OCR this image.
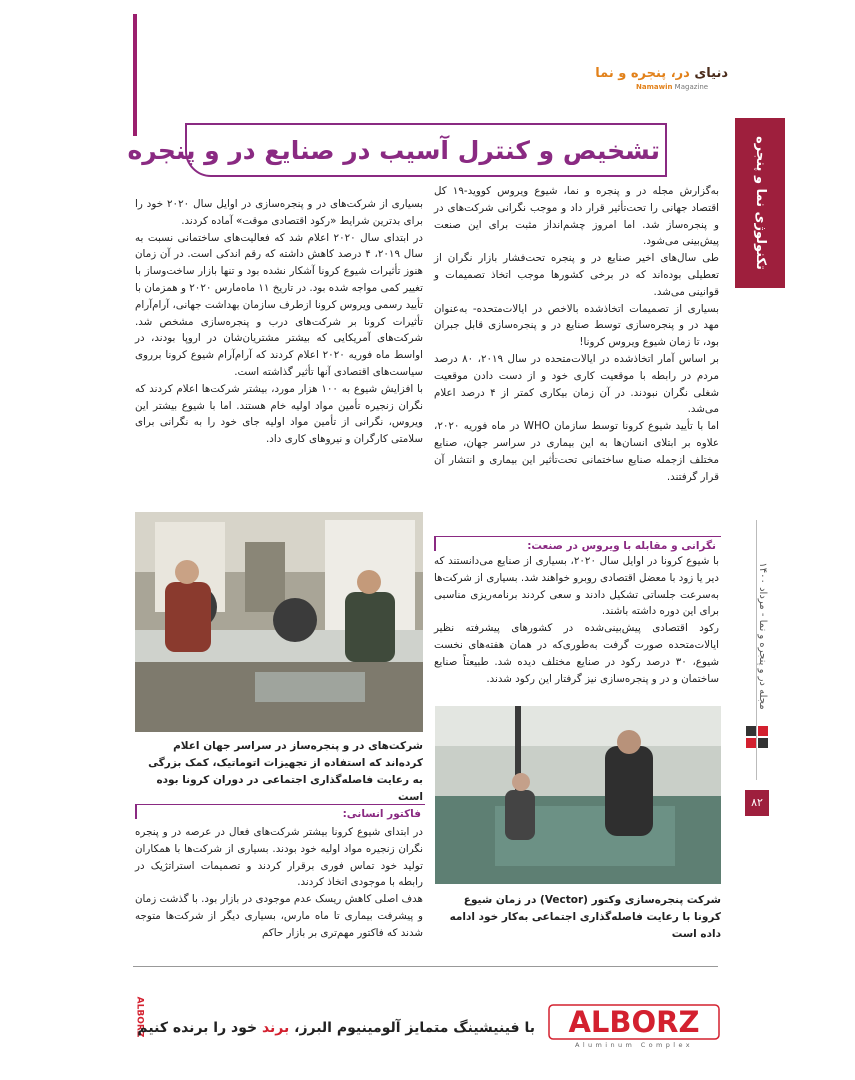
دنیای در، پنجره و نما
Namawin Magazine
تشخیص و کنترل آسیب در صنایع در و پنجره	تکنولوژی نما و پنجره
مجله در و پنجره و نما - مرداد ۱۴۰۰
۸۲

به‌گزارش مجله در و پنجره و نما، شیوع ویروس کووید-۱۹ کل اقتصاد جهانی را تحت‌تأثیر قرار داد و موجب نگرانی شرکت‌های در و پنجره‌ساز شد. اما امروز چشم‌انداز مثبت برای این صنعت پیش‌بینی می‌شود.

طی سال‌های اخیر صنایع در و پنجره تحت‌فشار بازار نگران از تعطیلی بوده‌اند که در برخی کشورها موجب اتخاذ تصمیمات و قوانینی می‌شد.

بسیاری از تصمیمات اتخاذشده بالاخص در ایالات‌متحده- به‌عنوان مهد در و پنجره‌سازی توسط صنایع در و پنجره‌سازی قابل جبران بود، تا زمان شیوع ویروس کرونا!

بر اساس آمار اتخاذشده در ایالات‌متحده در سال ۲۰۱۹، ۸۰ درصد مردم در رابطه با موقعیت کاری خود و از دست دادن موقعیت شغلی نگران نبودند. در آن زمان بیکاری کمتر از ۴ درصد اعلام می‌شد.

اما با تأیید شیوع کرونا توسط سازمان WHO در ماه فوریه ۲۰۲۰، علاوه بر ابتلای انسان‌ها به این بیماری در سراسر جهان، صنایع مختلف ازجمله صنایع ساختمانی تحت‌تأثیر این بیماری و انتشار آن قرار گرفتند.

بسیاری از شرکت‌های در و پنجره‌سازی در اوایل سال ۲۰۲۰ خود را برای بدترین شرایط «رکود اقتصادی موقت» آماده کردند.

در ابتدای سال ۲۰۲۰ اعلام شد که فعالیت‌های ساختمانی نسبت به سال ۲۰۱۹، ۴ درصد کاهش داشته که رقم اندکی است. در آن زمان هنوز تأثیرات شیوع کرونا آشکار نشده بود و تنها بازار ساخت‌وساز با تغییر کمی مواجه شده بود. در تاریخ ۱۱ ماه‌مارس ۲۰۲۰ و همزمان با تأیید رسمی ویروس کرونا ازطرف سازمان بهداشت جهانی، آرام‌آرام تأثیرات کرونا بر شرکت‌های درب و پنجره‌سازی مشخص شد. شرکت‌های آمریکایی که بیشتر مشتریان‌شان در اروپا بودند، در اواسط ماه فوریه ۲۰۲۰ اعلام کردند که آرام‌آرام شیوع کرونا برروی سیاست‌های اقتصادی آنها تأثیر گذاشته است.

با افزایش شیوع به ۱۰۰ هزار مورد، بیشتر شرکت‌ها اعلام کردند که نگران زنجیره تأمین مواد اولیه خام هستند. اما با شیوع بیشتر این ویروس، نگرانی از تأمین مواد اولیه جای خود را به نگرانی برای سلامتی کارگران و نیروهای کاری داد.

نگرانی و مقابله با ویروس در صنعت:

با شیوع کرونا در اوایل سال ۲۰۲۰، بسیاری از صنایع می‌دانستند که دیر یا زود با معضل اقتصادی روبرو خواهند شد. بسیاری از شرکت‌ها به‌سرعت جلساتی تشکیل دادند و سعی کردند برنامه‌ریزی مناسبی برای این دوره داشته باشند.

رکود اقتصادی پیش‌بینی‌شده در کشورهای پیشرفته نظیر ایالات‌متحده صورت گرفت به‌طوری‌که در همان هفته‌های نخست شیوع، ۳۰ درصد رکود در صنایع مختلف دیده شد. طبیعتاً صنایع ساختمان و در و پنجره‌سازی نیز گرفتار این رکود شدند.

فاکتور انسانی:

در ابتدای شیوع کرونا بیشتر شرکت‌های فعال در عرصه در و پنجره نگران زنجیره مواد اولیه خود بودند. بسیاری از شرکت‌ها با همکاران تولید خود تماس فوری برقرار کردند و تصمیمات استراتژیک در رابطه با موجودی اتخاذ کردند.

هدف اصلی کاهش ریسک عدم موجودی در بازار بود. با گذشت زمان و پیشرفت بیماری تا ماه مارس، بسیاری دیگر از شرکت‌ها متوجه شدند که فاکتور مهم‌تری بر بازار حاکم

شرکت‌های در و پنجره‌ساز در سراسر جهان اعلام کرده‌اند که استفاده از تجهیزات اتوماتیک، کمک بزرگی به رعایت فاصله‌گذاری اجتماعی در دوران کرونا بوده است
شرکت پنجره‌سازی وکتور (Vector) در زمان شیوع کرونا با رعایت فاصله‌گذاری اجتماعی به‌کار خود ادامه داده است
ALBORZ	با فینیشینگ متمایز آلومینیوم البرز، برند خود را برنده کنیم	ALBORZ
Aluminum Complex
